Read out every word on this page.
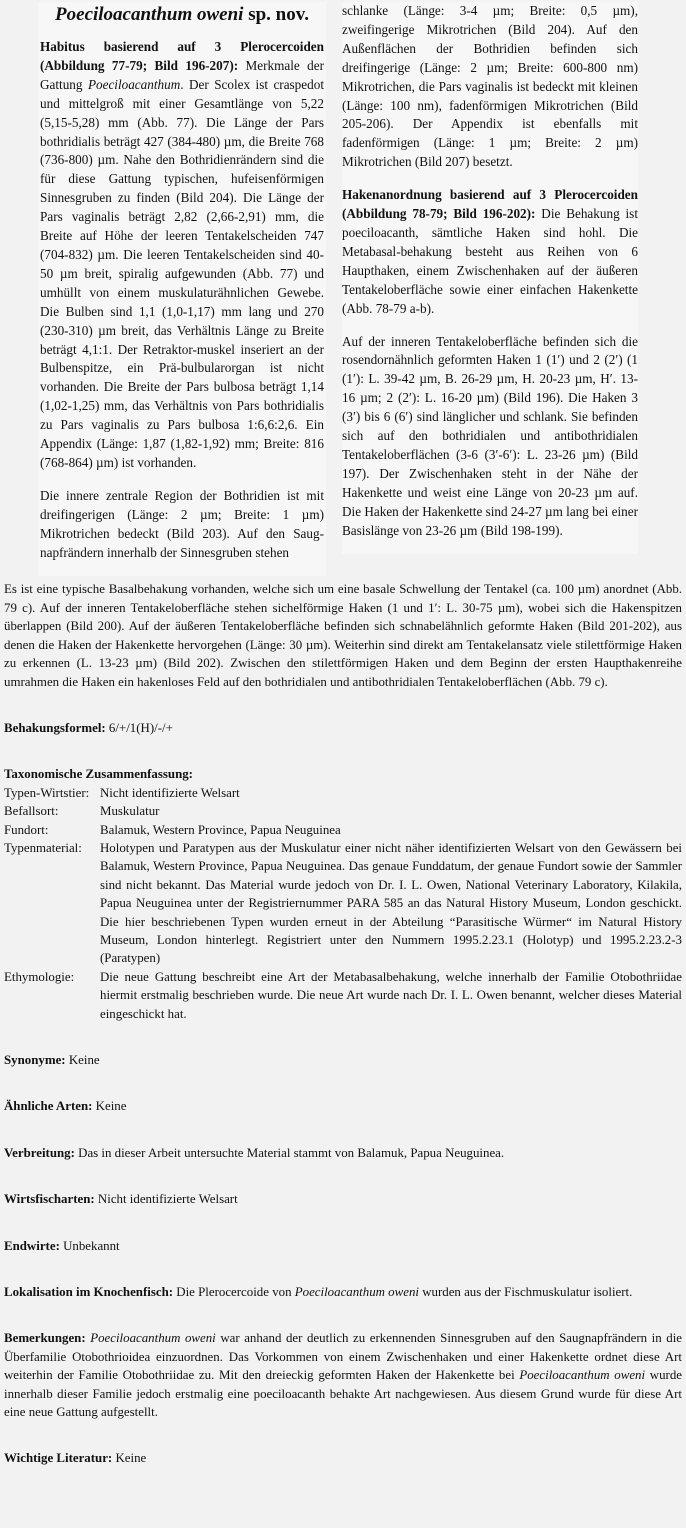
Poeciloacanthum oweni sp. nov.

Habitus basierend auf 3 Plerocercoiden (Abbildung 77-79; Bild 196-207): Merkmale der Gattung Poeciloacanthum. Der Scolex ist craspedot und mittelgroß mit einer Gesamtlänge von 5,22 (5,15-5,28) mm (Abb. 77). Die Länge der Pars bothridialis beträgt 427 (384-480) µm, die Breite 768 (736-800) µm. Nahe den Bothridienrändern sind die für diese Gattung typischen, hufeisenförmigen Sinnesgruben zu finden (Bild 204). Die Länge der Pars vaginalis beträgt 2,82 (2,66-2,91) mm, die Breite auf Höhe der leeren Tentakelscheiden 747 (704-832) µm. Die leeren Tentakelscheiden sind 40-50 µm breit, spiralig aufgewunden (Abb. 77) und umhüllt von einem muskulaturähnlichen Gewebe. Die Bulben sind 1,1 (1,0-1,17) mm lang und 270 (230-310) µm breit, das Verhältnis Länge zu Breite beträgt 4,1:1. Der Retraktor-muskel inseriert an der Bulbenspitze, ein Prä-bulbularorgan ist nicht vorhanden. Die Breite der Pars bulbosa beträgt 1,14 (1,02-1,25) mm, das Verhältnis von Pars bothridialis zu Pars vaginalis zu Pars bulbosa 1:6,6:2,6. Ein Appendix (Länge: 1,87 (1,82-1,92) mm; Breite: 816 (768-864) µm) ist vorhanden.

Die innere zentrale Region der Bothridien ist mit dreifingerigen (Länge: 2 µm; Breite: 1 µm) Mikrotrichen bedeckt (Bild 203). Auf den Saug-napfrändern innerhalb der Sinnesgruben stehen

schlanke (Länge: 3-4 µm; Breite: 0,5 µm), zweifingerige Mikrotrichen (Bild 204). Auf den Außenflächen der Bothridien befinden sich dreifingerige (Länge: 2 µm; Breite: 600-800 nm) Mikrotrichen, die Pars vaginalis ist bedeckt mit kleinen (Länge: 100 nm), fadenförmigen Mikrotrichen (Bild 205-206). Der Appendix ist ebenfalls mit fadenförmigen (Länge: 1 µm; Breite: 2 µm) Mikrotrichen (Bild 207) besetzt.

Hakenanordnung basierend auf 3 Plerocercoiden (Abbildung 78-79; Bild 196-202): Die Behakung ist poeciloacanth, sämtliche Haken sind hohl. Die Metabasal-behakung besteht aus Reihen von 6 Haupthaken, einem Zwischenhaken auf der äußeren Tentakeloberfläche sowie einer einfachen Hakenkette (Abb. 78-79 a-b).

Auf der inneren Tentakeloberfläche befinden sich die rosendornähnlich geformten Haken 1 (1′) und 2 (2′) (1 (1′): L. 39-42 µm, B. 26-29 µm, H. 20-23 µm, H′. 13-16 µm; 2 (2′): L. 16-20 µm) (Bild 196). Die Haken 3 (3′) bis 6 (6′) sind länglicher und schlank. Sie befinden sich auf den bothridialen und antibothridialen Tentakeloberflächen (3-6 (3′-6′): L. 23-26 µm) (Bild 197). Der Zwischenhaken steht in der Nähe der Hakenkette und weist eine Länge von 20-23 µm auf. Die Haken der Hakenkette sind 24-27 µm lang bei einer Basislänge von 23-26 µm (Bild 198-199).

Es ist eine typische Basalbehakung vorhanden, welche sich um eine basale Schwellung der Tentakel (ca. 100 µm) anordnet (Abb. 79 c). Auf der inneren Tentakeloberfläche stehen sichelförmige Haken (1 und 1′: L. 30-75 µm), wobei sich die Hakenspitzen überlappen (Bild 200). Auf der äußeren Tentakeloberfläche befinden sich schnabelähnlich geformte Haken (Bild 201-202), aus denen die Haken der Hakenkette hervorgehen (Länge: 30 µm). Weiterhin sind direkt am Tentakelansatz viele stilettförmige Haken zu erkennen (L. 13-23 µm) (Bild 202). Zwischen den stilettförmigen Haken und dem Beginn der ersten Haupthakenreihe umrahmen die Haken ein hakenloses Feld auf den bothridialen und antibothridialen Tentakeloberflächen (Abb. 79 c).
Behakungsformel: 6/+/1(H)/-/+
Taxonomische Zusammenfassung:
Typen-Wirtstier: Nicht identifizierte Welsart
Befallsort:	Muskulatur
Fundort:	Balamuk, Western Province, Papua Neuguinea
Typenmaterial:	Holotypen und Paratypen aus der Muskulatur einer nicht näher identifizierten Welsart von den Gewässern bei Balamuk, Western Province, Papua Neuguinea. Das genaue Funddatum, der genaue Fundort sowie der Sammler sind nicht bekannt. Das Material wurde jedoch von Dr. I. L. Owen, National Veterinary Laboratory, Kilakila, Papua Neuguinea unter der Registriernummer PARA 585 an das Natural History Museum, London geschickt. Die hier beschriebenen Typen wurden erneut in der Abteilung “Parasitische Würmer“ im Natural History Museum, London hinterlegt. Registriert unter den Nummern 1995.2.23.1 (Holotyp) und 1995.2.23.2-3 (Paratypen)
Ethymologie:	Die neue Gattung beschreibt eine Art der Metabasalbehakung, welche innerhalb der Familie Otobothriidae hiermit erstmalig beschrieben wurde. Die neue Art wurde nach Dr. I. L. Owen benannt, welcher dieses Material eingeschickt hat.
Synonyme: Keine
Ähnliche Arten: Keine
Verbreitung: Das in dieser Arbeit untersuchte Material stammt von Balamuk, Papua Neuguinea.
Wirtsfischarten: Nicht identifizierte Welsart
Endwirte: Unbekannt
Lokalisation im Knochenfisch: Die Plerocercoide von Poeciloacanthum oweni wurden aus der Fischmuskulatur isoliert.
Bemerkungen: Poeciloacanthum oweni war anhand der deutlich zu erkennenden Sinnesgruben auf den Saugnapfrändern in die Überfamilie Otobothrioidea einzuordnen. Das Vorkommen von einem Zwischenhaken und einer Hakenkette ordnet diese Art weiterhin der Familie Otobothriidae zu. Mit den dreieckig geformten Haken der Hakenkette bei Poeciloacanthum oweni wurde innerhalb dieser Familie jedoch erstmalig eine poeciloacanth behakte Art nachgewiesen. Aus diesem Grund wurde für diese Art eine neue Gattung aufgestellt.
Wichtige Literatur: Keine
